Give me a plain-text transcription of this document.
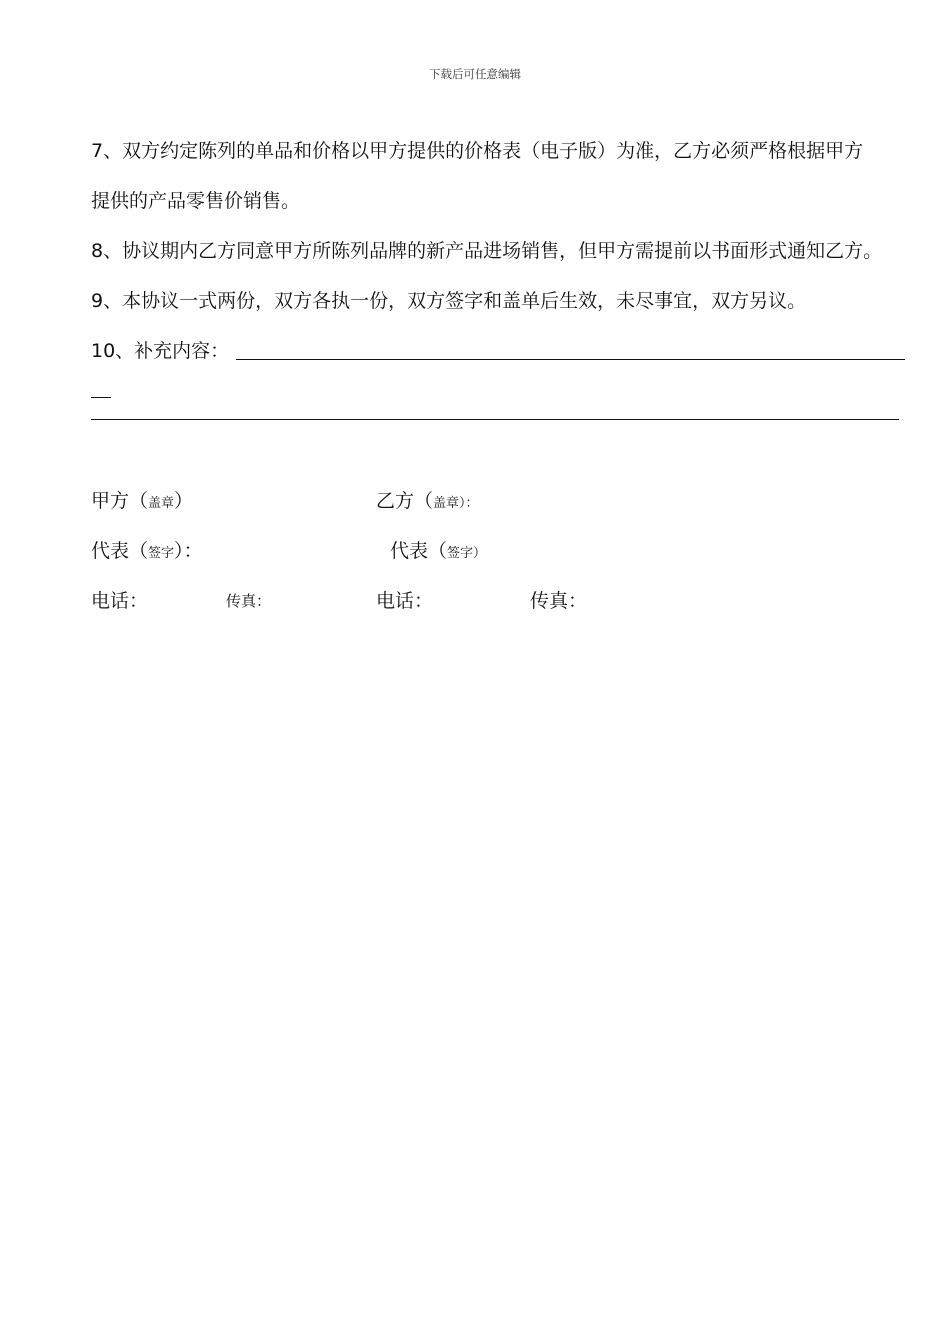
下载后可任意编辑
7、双方约定陈列的单品和价格以甲方提供的价格表（电子版）为准，乙方必须严格根据甲方
提供的产品零售价销售。
8、协议期内乙方同意甲方所陈列品牌的新产品进场销售，但甲方需提前以书面形式通知乙方。
9、本协议一式两份，双方各执一份，双方签字和盖单后生效，未尽事宜，双方另议。
10、补充内容：
甲方（盖章）	乙方（盖章）：
代表（签字）：	代表（签字）
电话：	传真：	电话：	传真：
